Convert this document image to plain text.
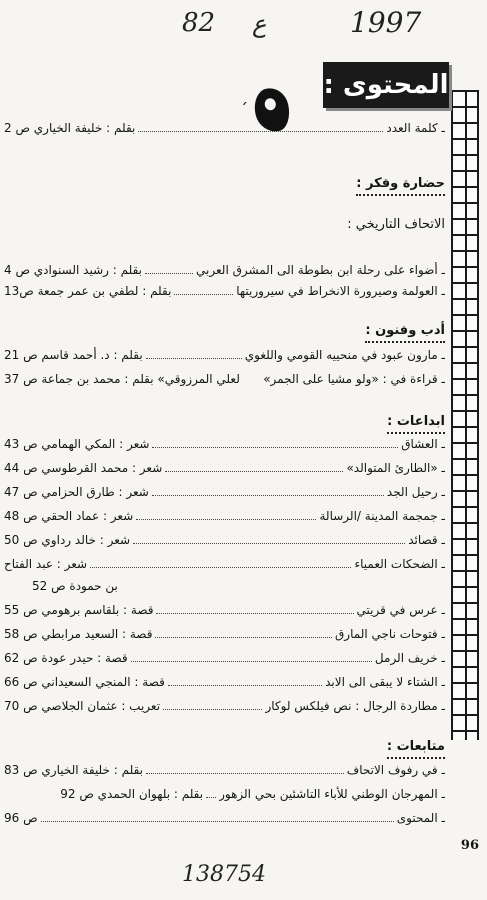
82 ع	1997
المحتوى :
ˊ
ـ كلمة العدد
بقلم : خليفة الخياري ص 2
حضارة وفكر :
الاتحاف التاريخي :
ـ أضواء على رحلة ابن بطوطة الى المشرق العربي
بقلم : رشيد السنوادي ص 4
ـ العولمة وصيرورة الانخراط في سيروريتها
بقلم : لطفي بن عمر جمعة ص13
أدب وفنون :
ـ مارون عبود في منحييه القومي واللغوي
بقلم : د. أحمد قاسم ص 21
ـ قراءة في : «ولو مشيا على الجمر»
لعلي المرزوقي» بقلم : محمد بن جماعة ص 37
ابداعات :
ـ العشاق
شعر : المكي الهمامي ص 43
ـ «الطارئ المتوالد»
شعر : محمد القرطوسي ص 44
ـ رحيل الجد
شعر : طارق الحزامي ص 47
ـ جمجمة المدينة /الرسالة
شعر : عماد الحقي ص 48
ـ قصائد
شعر : خالد رداوي ص 50
ـ الضحكات العمياء
شعر : عبد الفتاح
بن حمودة ص 52
ـ عرس في قريتي
قصة : بلقاسم برهومي ص 55
ـ فتوحات ناجي المارق
قصة : السعيد مرابطي ص 58
ـ خريف الرمل
قصة : حيدر عودة ص 62
ـ الشتاء لا يبقى الى الابد
قصة : المنجي السعيداني ص 66
ـ مطاردة الرجال : نص فيلكس لوكار
تعريب : عثمان الجلاصي ص 70
متابعات :
ـ في رفوف الاتحاف
بقلم : خليفة الخياري ص 83
ـ المهرجان الوطني للأباء التاشئين بحي الزهور
بقلم : بلهوان الحمدي ص 92
ـ المحتوى
ص 96
96
138754
